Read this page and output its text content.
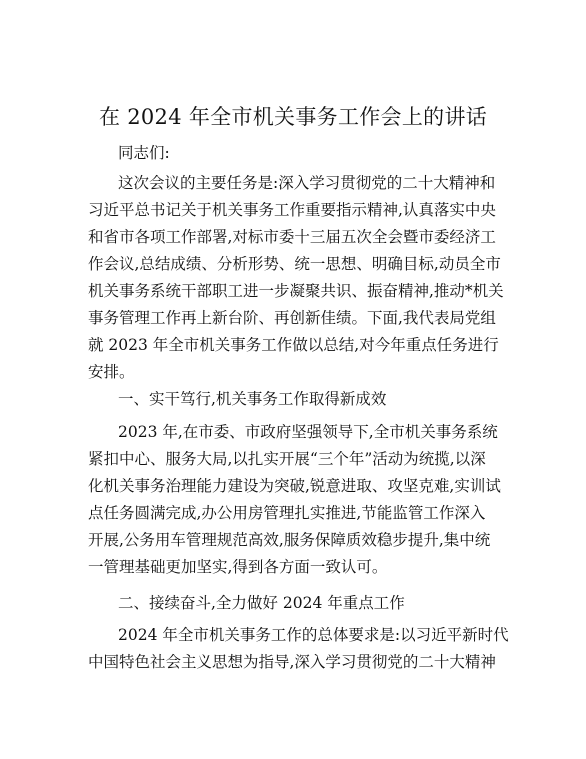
在 2024 年全市机关事务工作会上的讲话
同志们:
这次会议的主要任务是:深入学习贯彻党的二十大精神和
习近平总书记关于机关事务工作重要指示精神,认真落实中央
和省市各项工作部署,对标市委十三届五次全会暨市委经济工
作会议,总结成绩、分析形势、统一思想、明确目标,动员全市
机关事务系统干部职工进一步凝聚共识、振奋精神,推动*机关
事务管理工作再上新台阶、再创新佳绩。下面,我代表局党组
就 2023 年全市机关事务工作做以总结,对今年重点任务进行
安排。
一、实干笃行,机关事务工作取得新成效
2023 年,在市委、市政府坚强领导下,全市机关事务系统
紧扣中心、服务大局,以扎实开展“三个年”活动为统揽,以深
化机关事务治理能力建设为突破,锐意进取、攻坚克难,实训试
点任务圆满完成,办公用房管理扎实推进,节能监管工作深入
开展,公务用车管理规范高效,服务保障质效稳步提升,集中统
一管理基础更加坚实,得到各方面一致认可。
二、接续奋斗,全力做好 2024 年重点工作
2024 年全市机关事务工作的总体要求是:以习近平新时代
中国特色社会主义思想为指导,深入学习贯彻党的二十大精神
